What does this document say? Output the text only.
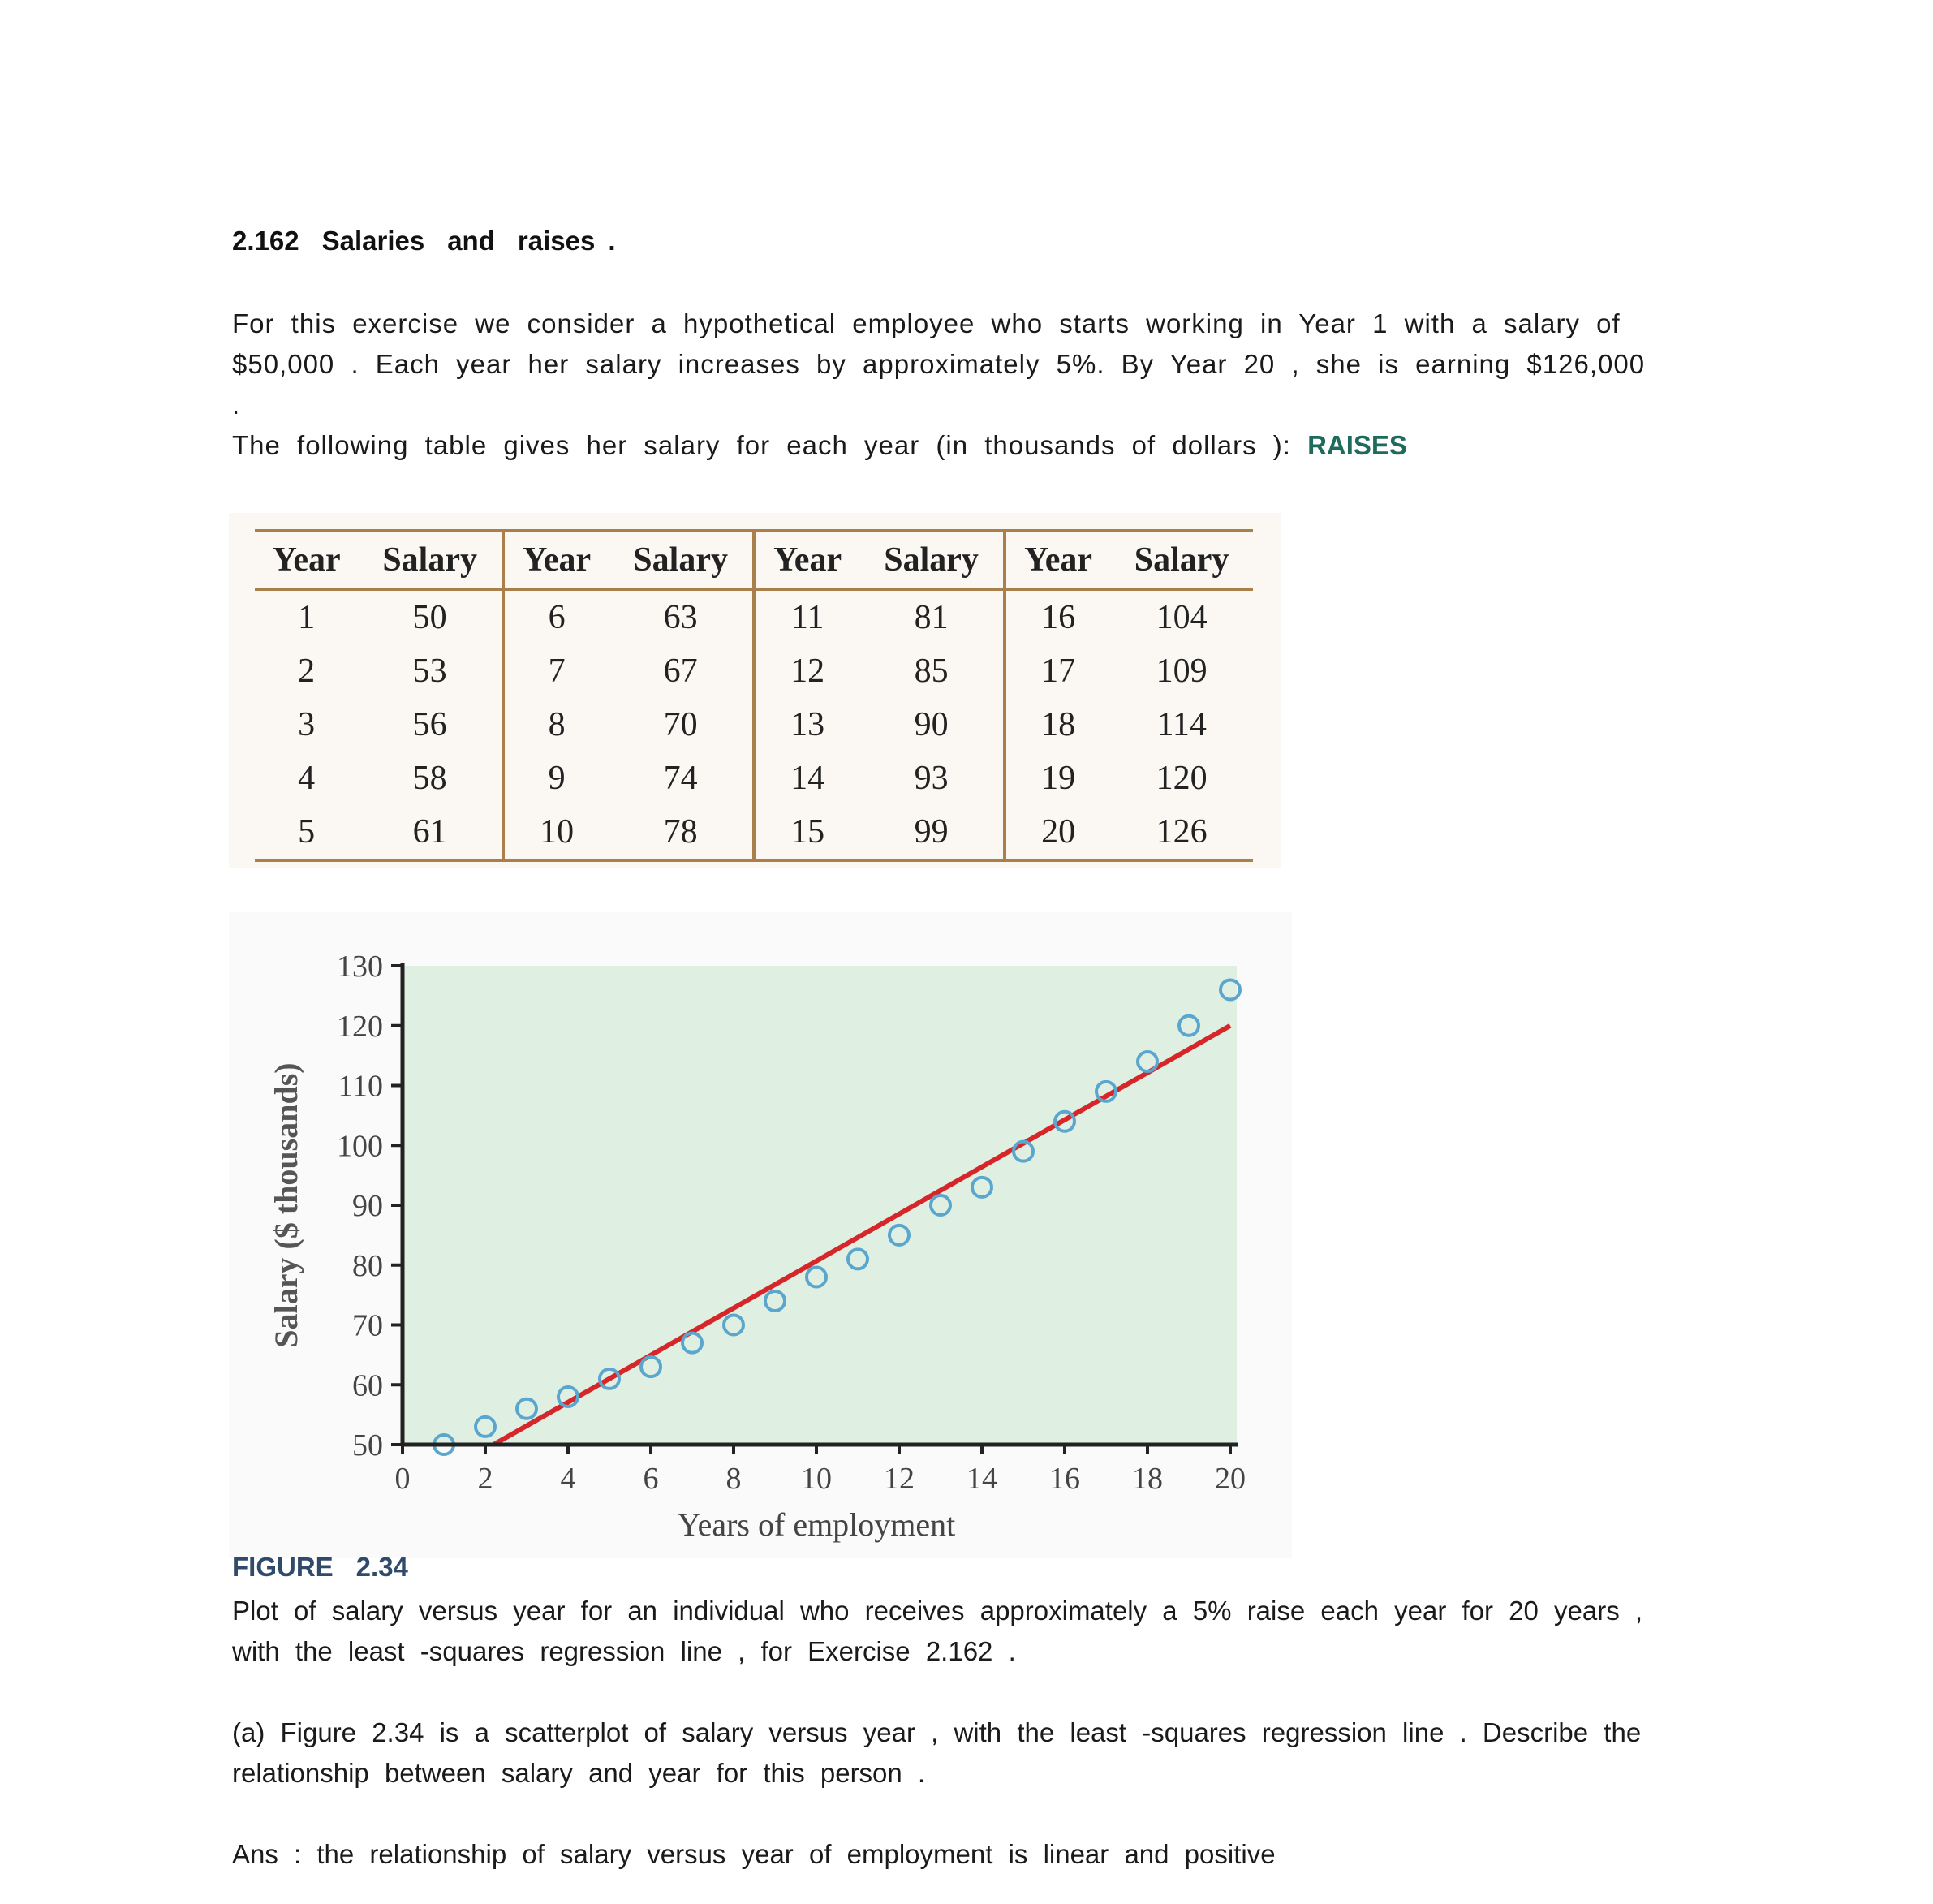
2.162 Salaries and raises .
For this exercise we consider a hypothetical employee who starts working in Year 1 with a salary of $50,000 . Each year her salary increases by approximately 5%. By Year 20 , she is earning $126,000 .
The following table gives her salary for each year (in thousands of dollars ): RAISES
Year	Salary	Year	Salary	Year	Salary	Year	Salary
1	50	6	63	11	81	16	104
2	53	7	67	12	85	17	109
3	56	8	70	13	90	18	114
4	58	9	74	14	93	19	120
5	61	10	78	15	99	20	126
0 2 4 6 8 10 12 14 16 18 20
50
60
70
80
90
100
110
120
130
Years of employment
Salary ($ thousands)
FIGURE 2.34
Plot of salary versus year for an individual who receives approximately a 5% raise each year for 20 years , with the least -squares regression line , for Exercise 2.162 .
(a) Figure 2.34 is a scatterplot of salary versus year , with the least -squares regression line . Describe the relationship between salary and year for this person .
Ans : the relationship of salary versus year of employment is linear and positive
